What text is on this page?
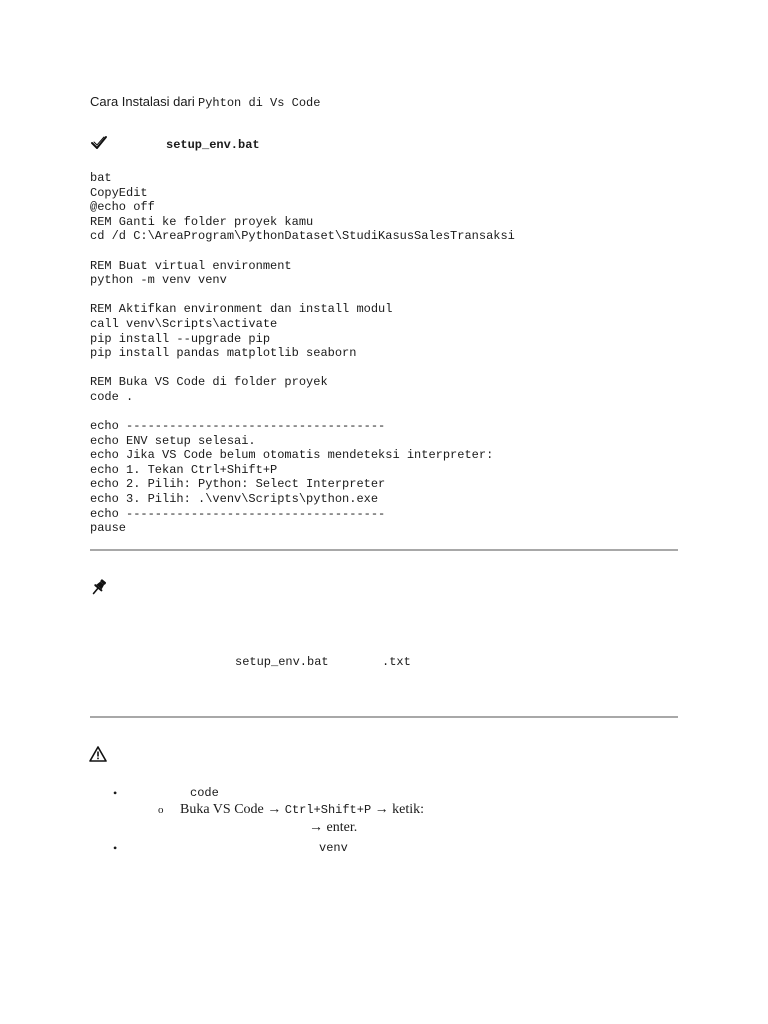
Cara Instalasi dari Pyhton di Vs Code
setup_env.bat
bat
CopyEdit
@echo off
REM Ganti ke folder proyek kamu
cd /d C:\AreaProgram\PythonDataset\StudiKasusSalesTransaksi

REM Buat virtual environment
python -m venv venv

REM Aktifkan environment dan install modul
call venv\Scripts\activate
pip install --upgrade pip
pip install pandas matplotlib seaborn

REM Buka VS Code di folder proyek
code .

echo ------------------------------------
echo ENV setup selesai.
echo Jika VS Code belum otomatis mendeteksi interpreter:
echo 1. Tekan Ctrl+Shift+P
echo 2. Pilih: Python: Select Interpreter
echo 3. Pilih: .\venv\Scripts\python.exe
echo ------------------------------------
pause
setup_env.bat	.txt
•	code
o Buka VS Code → Ctrl+Shift+P → ketik:
→ enter.
•	venv
